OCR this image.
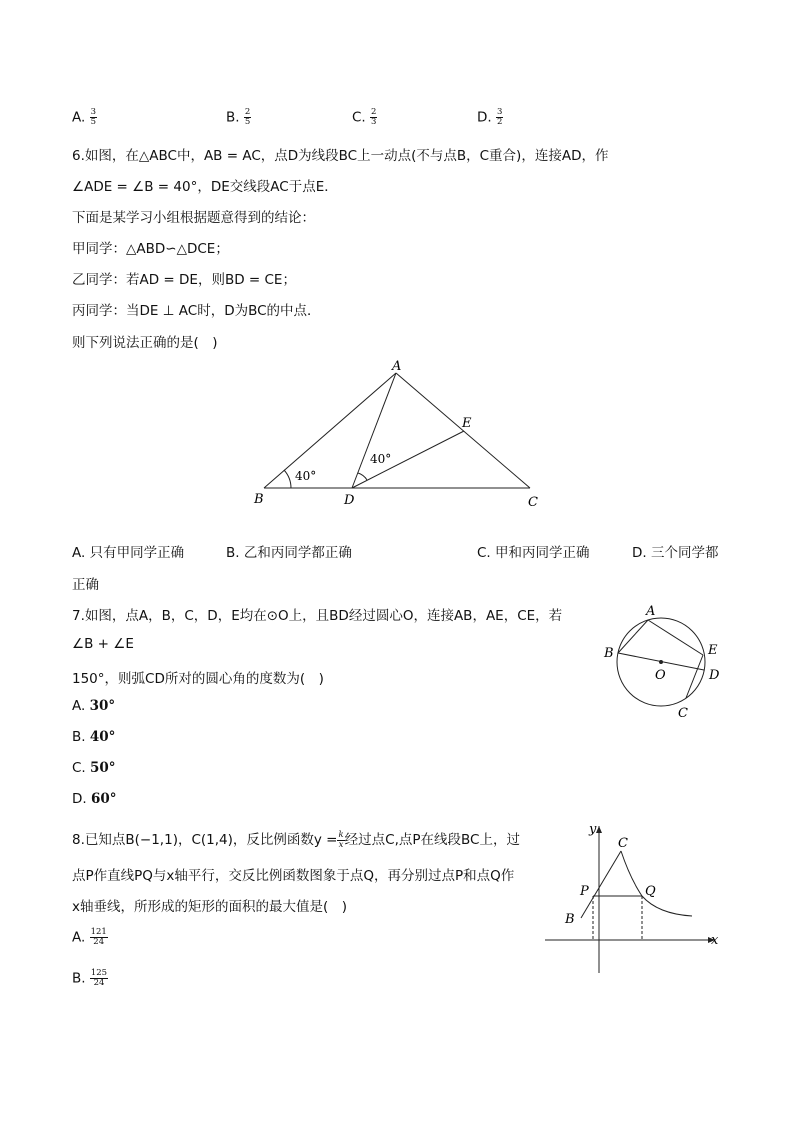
A. $\frac{3}{5}$	B. $\frac{2}{5}$	C. $\frac{2}{3}$	D. $\frac{3}{2}$
6.如图，在△ABC中，AB = AC，点D为线段BC上一动点(不与点B，C重合)，连接AD，作
∠ADE = ∠B = 40°，DE交线段AC于点E．
下面是某学习小组根据题意得到的结论：
甲同学：△ABD∽△DCE；
乙同学：若AD = DE，则BD = CE；
丙同学：当DE ⊥ AC时，D为BC的中点．
则下列说法正确的是(　)
A
B	C
D
E
40°
40°
A. 只有甲同学正确	B. 乙和丙同学都正确	C. 甲和丙同学正确	D. 三个同学都
正确
7.如图，点A，B，C，D，E均在⊙O上，且BD经过圆心O，连接AB，AE，CE，若
∠B + ∠E
150°，则弧CD所对的圆心角的度数为(　)
A. 30°
B. 40°
C. 50°
D. 60°
A
B
C
D
E
O
8.已知点B(−1,1)，C(1,4)，反比例函数$y = \frac{k}{x}$ 经过点C,点P在线段BC上，过
点P作直线PQ与x轴平行，交反比例函数图象于点Q，再分别过点P和点Q作
x轴垂线，所形成的矩形的面积的最大值是(　)
A. $\frac{121}{24}$
B. $\frac{125}{24}$
y
x
C
P	Q
B
